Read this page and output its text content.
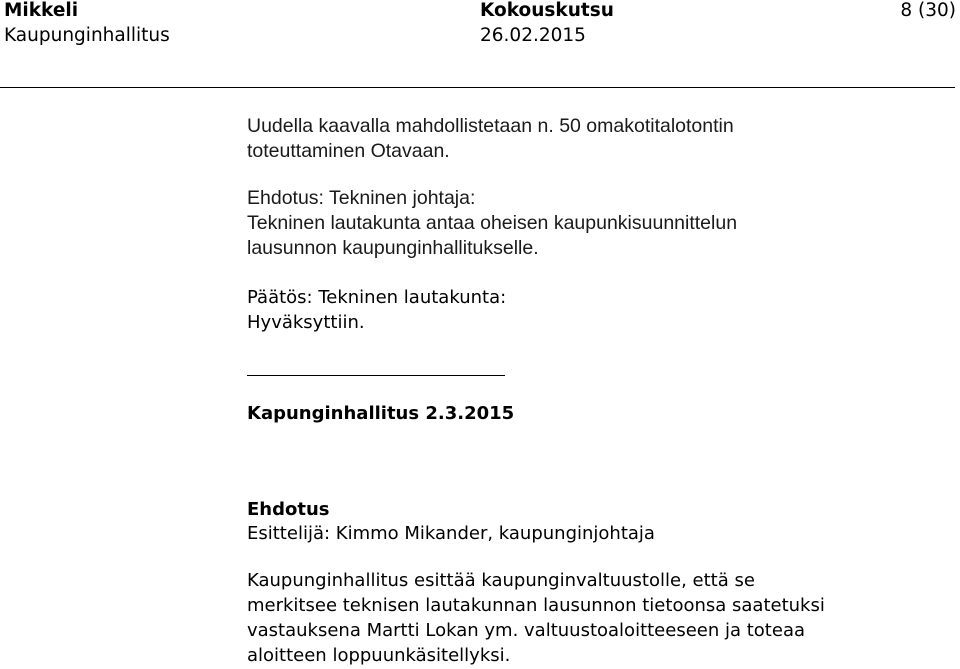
Mikkeli
Kaupunginhallitus
Kokouskutsu
26.02.2015
8 (30)
Uudella kaavalla mahdollistetaan n. 50 omakotitalotontin
toteuttaminen Otavaan.
Ehdotus: Tekninen johtaja:
Tekninen lautakunta antaa oheisen kaupunkisuunnittelun
lausunnon kaupunginhallitukselle.
Päätös: Tekninen lautakunta:
Hyväksyttiin.
Kapunginhallitus 2.3.2015
Ehdotus
Esittelijä: Kimmo Mikander, kaupunginjohtaja
Kaupunginhallitus esittää kaupunginvaltuustolle, että se
merkitsee teknisen lautakunnan lausunnon tietoonsa saatetuksi
vastauksena Martti Lokan ym. valtuustoaloitteeseen ja toteaa
aloitteen loppuunkäsitellyksi.
